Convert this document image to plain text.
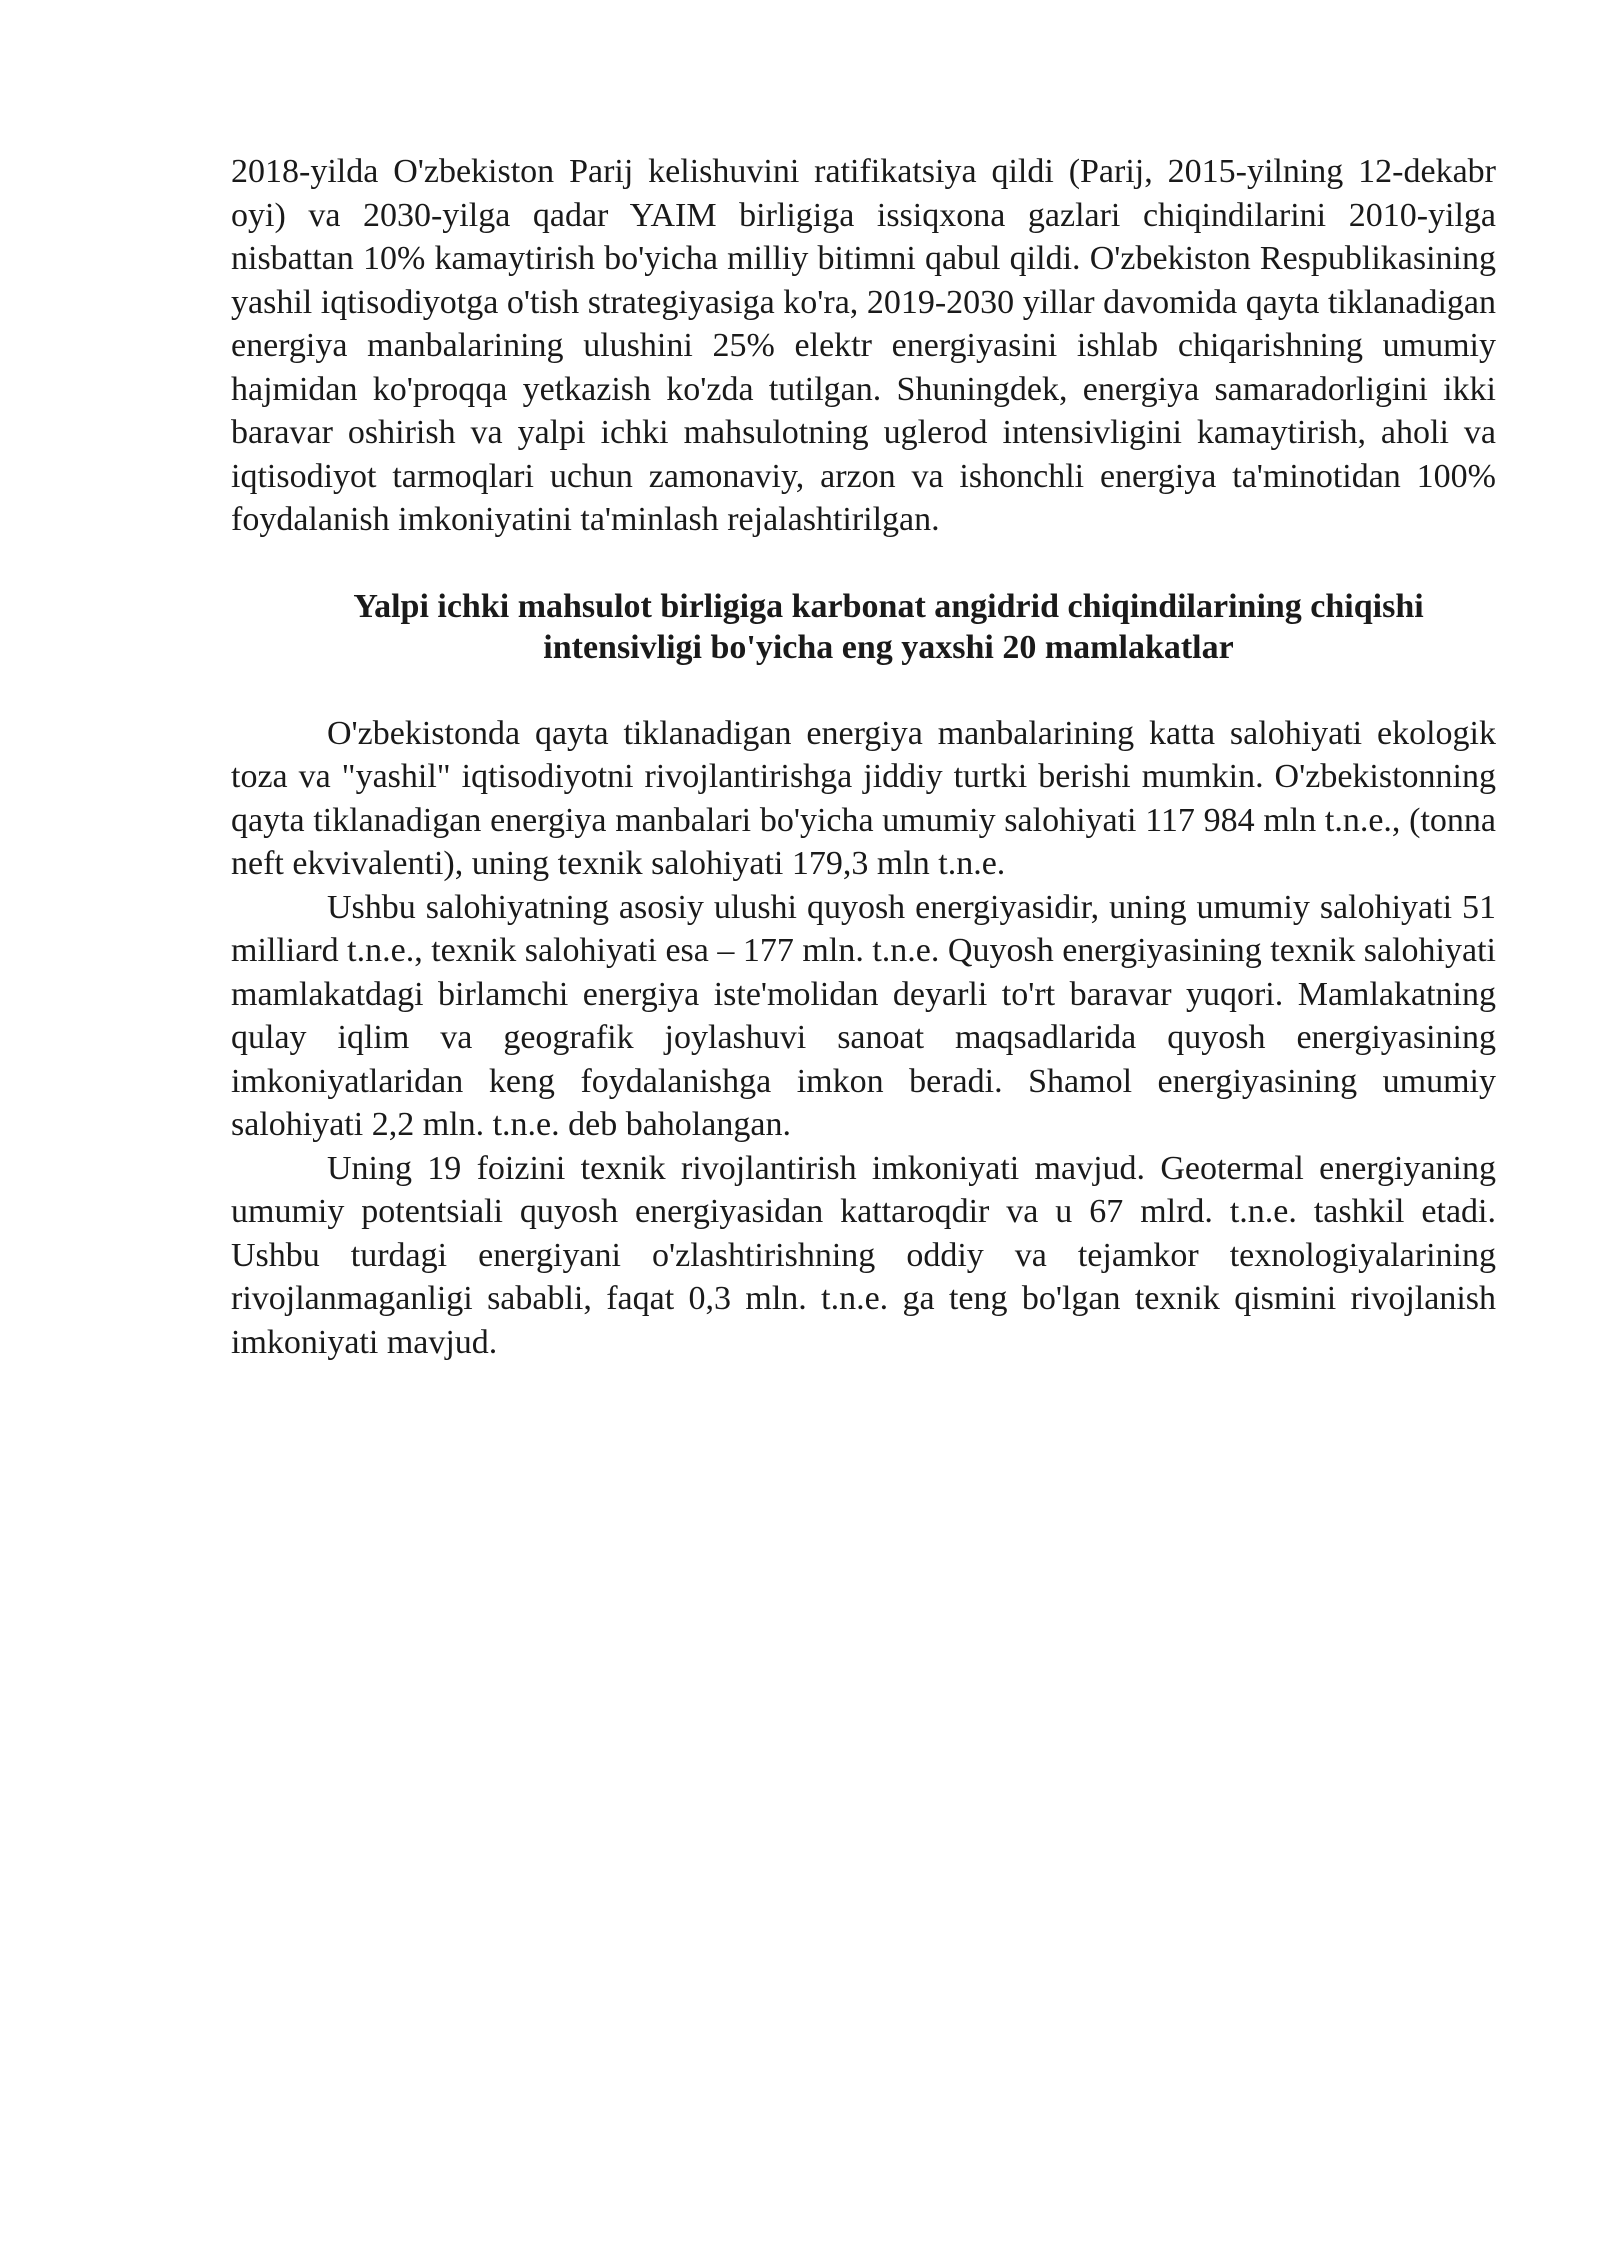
2018-yilda O'zbekiston Parij kelishuvini ratifikatsiya qildi (Parij, 2015-yilning 12-dekabr oyi) va 2030-yilga qadar YAIM birligiga issiqxona gazlari chiqindilarini 2010-yilga nisbattan 10% kamaytirish bo'yicha milliy bitimni qabul qildi. O'zbekiston Respublikasining yashil iqtisodiyotga o'tish strategiyasiga ko'ra, 2019-2030 yillar davomida qayta tiklanadigan energiya manbalarining ulushini 25% elektr energiyasini ishlab chiqarishning umumiy hajmidan ko'proqqa yetkazish ko'zda tutilgan. Shuningdek, energiya samaradorligini ikki baravar oshirish va yalpi ichki mahsulotning uglerod intensivligini kamaytirish, aholi va iqtisodiyot tarmoqlari uchun zamonaviy, arzon va ishonchli energiya ta'minotidan 100% foydalanish imkoniyatini ta'minlash rejalashtirilgan.

Yalpi ichki mahsulot birligiga karbonat angidrid chiqindilarining chiqishi intensivligi bo'yicha eng yaxshi 20 mamlakatlar

O'zbekistonda qayta tiklanadigan energiya manbalarining katta salohiyati ekologik toza va "yashil" iqtisodiyotni rivojlantirishga jiddiy turtki berishi mumkin. O'zbekistonning qayta tiklanadigan energiya manbalari bo'yicha umumiy salohiyati 117 984 mln t.n.e., (tonna neft ekvivalenti), uning texnik salohiyati 179,3 mln t.n.e.

Ushbu salohiyatning asosiy ulushi quyosh energiyasidir, uning umumiy salohiyati 51 milliard t.n.e., texnik salohiyati esa – 177 mln. t.n.e. Quyosh energiyasining texnik salohiyati mamlakatdagi birlamchi energiya iste'molidan deyarli to'rt baravar yuqori. Mamlakatning qulay iqlim va geografik joylashuvi sanoat maqsadlarida quyosh energiyasining imkoniyatlaridan keng foydalanishga imkon beradi. Shamol energiyasining umumiy salohiyati 2,2 mln. t.n.e. deb baholangan.

Uning 19 foizini texnik rivojlantirish imkoniyati mavjud. Geotermal energiyaning umumiy potentsiali quyosh energiyasidan kattaroqdir va u 67 mlrd. t.n.e. tashkil etadi. Ushbu turdagi energiyani o'zlashtirishning oddiy va tejamkor texnologiyalarining rivojlanmaganligi sababli, faqat 0,3 mln. t.n.e. ga teng bo'lgan texnik qismini rivojlanish imkoniyati mavjud.
